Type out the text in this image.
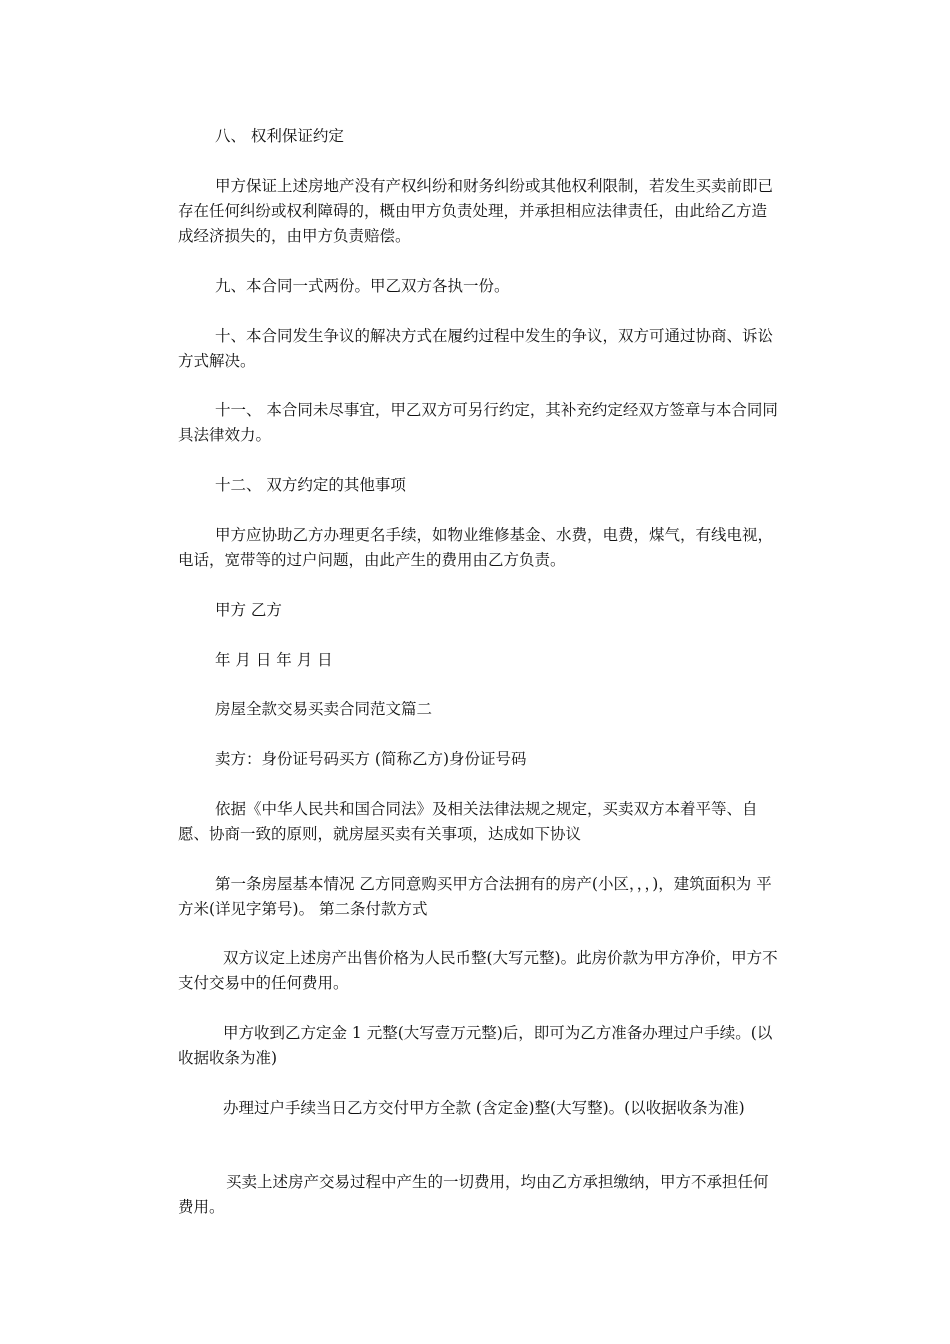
八、 权利保证约定

甲方保证上述房地产没有产权纠纷和财务纠纷或其他权利限制，若发生买卖前即已存在任何纠纷或权利障碍的，概由甲方负责处理，并承担相应法律责任，由此给乙方造成经济损失的，由甲方负责赔偿。

九、本合同一式两份。甲乙双方各执一份。

十、本合同发生争议的解决方式在履约过程中发生的争议，双方可通过协商、诉讼方式解决。

十一、 本合同未尽事宜，甲乙双方可另行约定，其补充约定经双方签章与本合同同具法律效力。

十二、 双方约定的其他事项

甲方应协助乙方办理更名手续，如物业维修基金、水费，电费，煤气，有线电视，电话，宽带等的过户问题，由此产生的费用由乙方负责。

甲方 乙方

年 月 日 年 月 日

房屋全款交易买卖合同范文篇二

卖方：身份证号码买方 (简称乙方)身份证号码

依据《中华人民共和国合同法》及相关法律法规之规定，买卖双方本着平等、自愿、协商一致的原则，就房屋买卖有关事项，达成如下协议

第一条房屋基本情况 乙方同意购买甲方合法拥有的房产(小区，，，)，建筑面积为 平方米(详见字第号)。 第二条付款方式

双方议定上述房产出售价格为人民币整(大写元整)。此房价款为甲方净价，甲方不支付交易中的任何费用。

甲方收到乙方定金 1 元整(大写壹万元整)后，即可为乙方准备办理过户手续。(以收据收条为准)

办理过户手续当日乙方交付甲方全款 (含定金)整(大写整)。(以收据收条为准)

买卖上述房产交易过程中产生的一切费用，均由乙方承担缴纳，甲方不承担任何费用。
